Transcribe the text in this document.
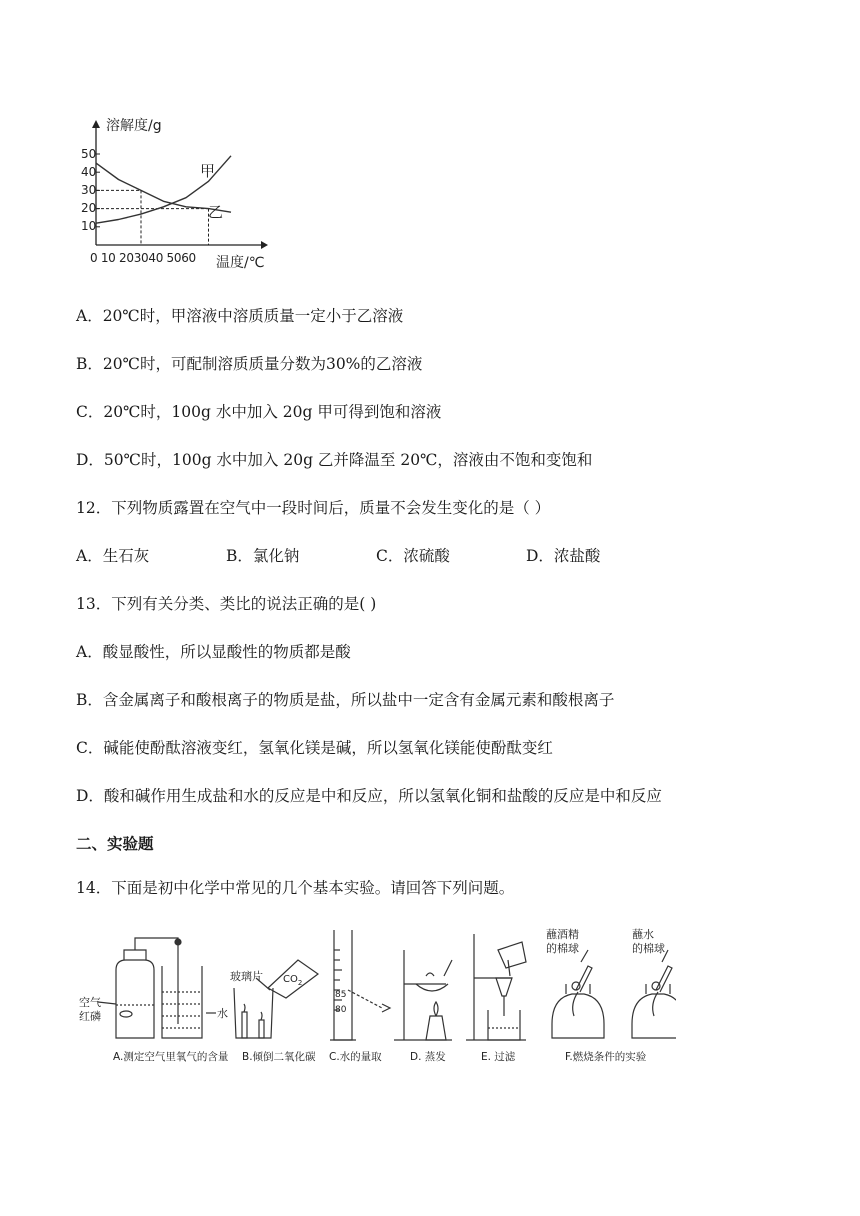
溶解度/g
温度/℃
50
40
30
20
10
0 10 203040 5060
甲
乙
A．20℃时，甲溶液中溶质质量一定小于乙溶液
B．20℃时，可配制溶质质量分数为30%的乙溶液
C．20℃时，100g 水中加入 20g 甲可得到饱和溶液
D．50℃时，100g 水中加入 20g 乙并降温至 20℃，溶液由不饱和变饱和
12．下列物质露置在空气中一段时间后，质量不会发生变化的是（ ）
A．生石灰	B．氯化钠	C．浓硫酸	D．浓盐酸
13．下列有关分类、类比的说法正确的是( )
A．酸显酸性，所以显酸性的物质都是酸
B．含金属离子和酸根离子的物质是盐，所以盐中一定含有金属元素和酸根离子
C．碱能使酚酞溶液变红，氢氧化镁是碱，所以氢氧化镁能使酚酞变红
D．酸和碱作用生成盐和水的反应是中和反应，所以氢氧化铜和盐酸的反应是中和反应
二、实验题
14．下面是初中化学中常见的几个基本实验。请回答下列问题。
空气
红磷	水
玻璃片 $CO_2$
85
80
蘸酒精
的棉球
蘸水
的棉球
A.测定空气里氧气的含量 B.倾倒二氧化碳 C.水的量取	D. 蒸发	E. 过滤	F.燃烧条件的实验
